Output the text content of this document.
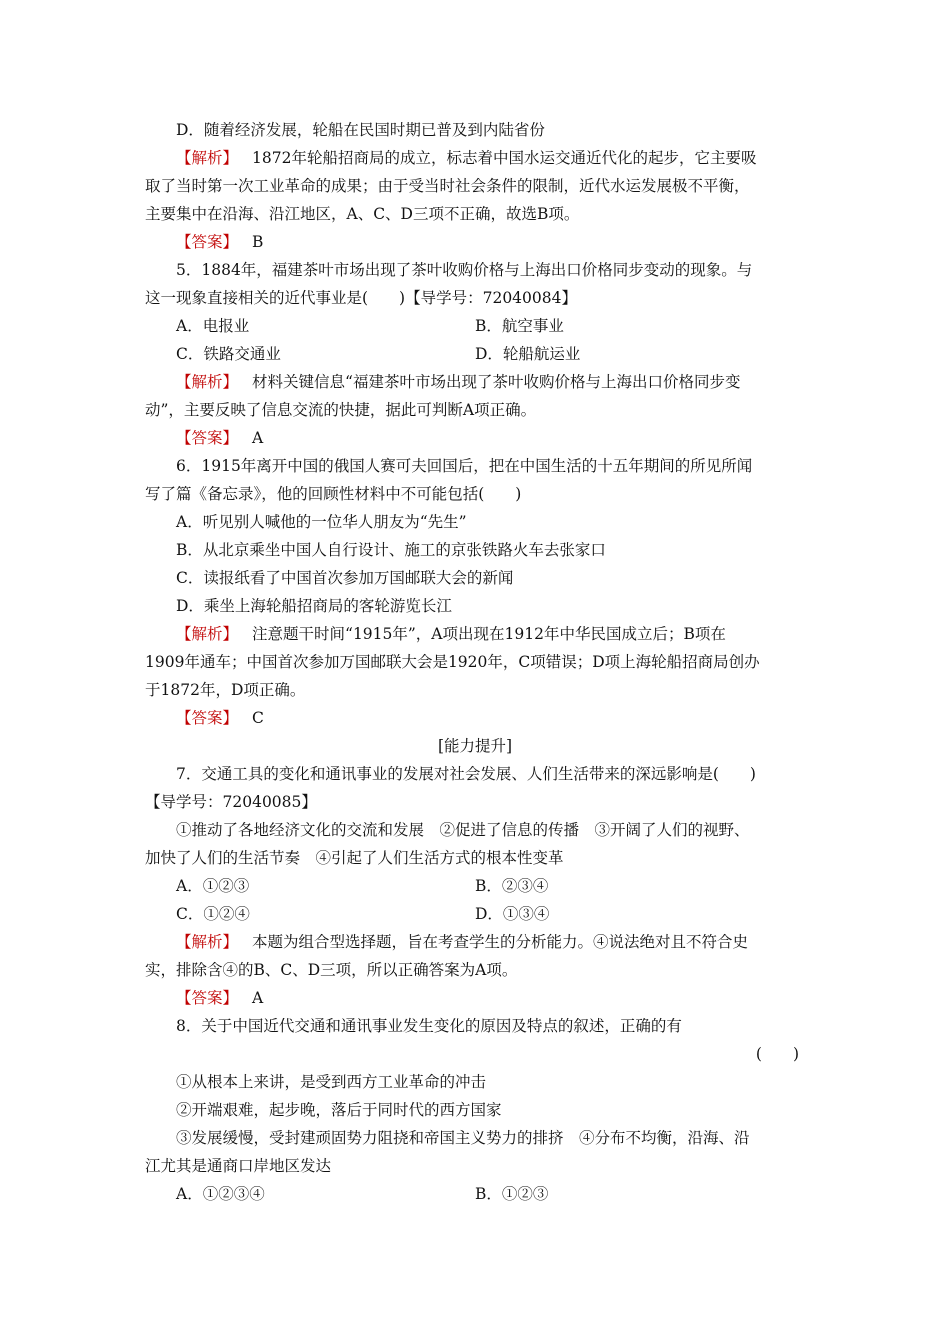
D．随着经济发展，轮船在民国时期已普及到内陆省份
【解析】 1872年轮船招商局的成立，标志着中国水运交通近代化的起步，它主要吸
取了当时第一次工业革命的成果；由于受当时社会条件的限制，近代水运发展极不平衡，
主要集中在沿海、沿江地区，A、C、D三项不正确，故选B项。
【答案】 B
5．1884年，福建茶叶市场出现了茶叶收购价格与上海出口价格同步变动的现象。与
这一现象直接相关的近代事业是(　　)【导学号：72040084】
A．电报业	B．航空事业
C．铁路交通业	D．轮船航运业
【解析】 材料关键信息“福建茶叶市场出现了茶叶收购价格与上海出口价格同步变
动”，主要反映了信息交流的快捷，据此可判断A项正确。
【答案】 A
6．1915年离开中国的俄国人赛可夫回国后，把在中国生活的十五年期间的所见所闻
写了篇《备忘录》，他的回顾性材料中不可能包括(　　)
A．听见别人喊他的一位华人朋友为“先生”
B．从北京乘坐中国人自行设计、施工的京张铁路火车去张家口
C．读报纸看了中国首次参加万国邮联大会的新闻
D．乘坐上海轮船招商局的客轮游览长江
【解析】 注意题干时间“1915年”，A项出现在1912年中华民国成立后；B项在
1909年通车；中国首次参加万国邮联大会是1920年，C项错误；D项上海轮船招商局创办
于1872年，D项正确。
【答案】 C
[能力提升]
7．交通工具的变化和通讯事业的发展对社会发展、人们生活带来的深远影响是(　　)
【导学号：72040085】
①推动了各地经济文化的交流和发展　②促进了信息的传播　③开阔了人们的视野、
加快了人们的生活节奏　④引起了人们生活方式的根本性变革
A．①②③	B．②③④
C．①②④	D．①③④
【解析】 本题为组合型选择题，旨在考查学生的分析能力。④说法绝对且不符合史
实，排除含④的B、C、D三项，所以正确答案为A项。
【答案】 A
8．关于中国近代交通和通讯事业发生变化的原因及特点的叙述，正确的有
(　　)
①从根本上来讲，是受到西方工业革命的冲击
②开端艰难，起步晚，落后于同时代的西方国家
③发展缓慢，受封建顽固势力阻挠和帝国主义势力的排挤　④分布不均衡，沿海、沿
江尤其是通商口岸地区发达
A．①②③④	B．①②③
